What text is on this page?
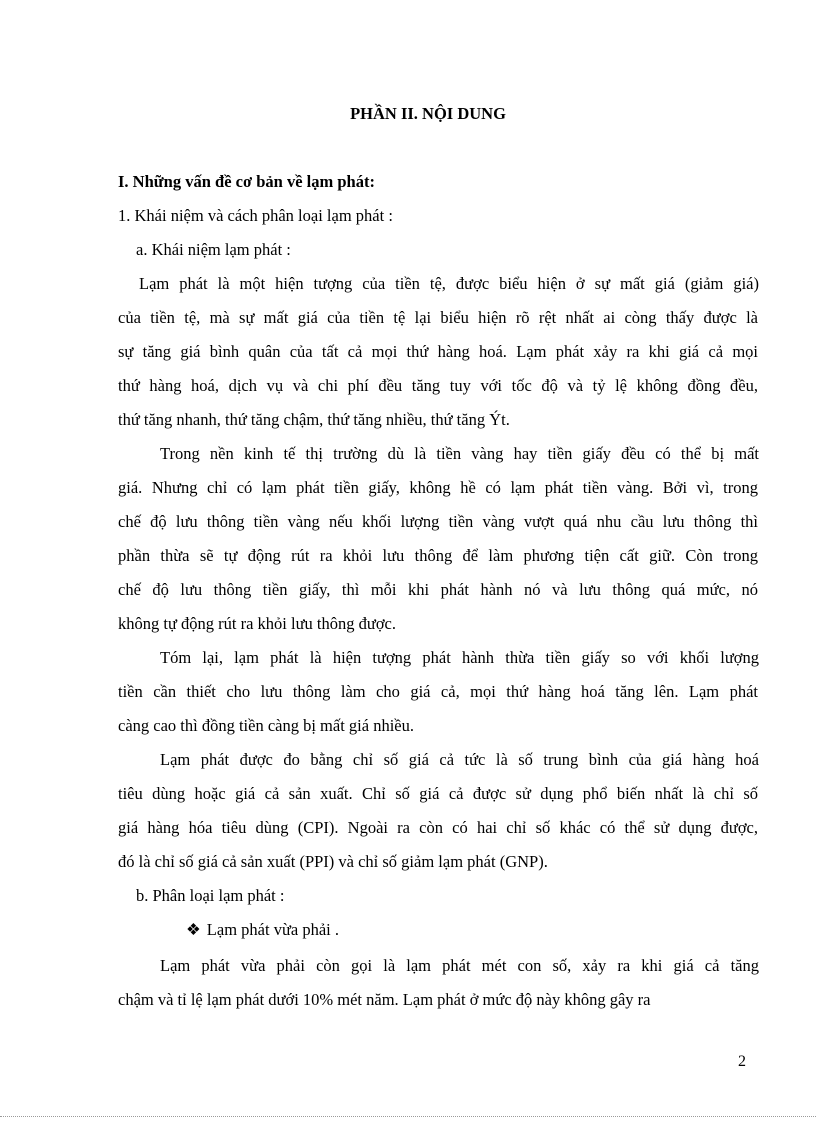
PHẦN II. NỘI DUNG
I. Những vấn đề cơ bản về lạm phát:
1. Khái niệm và cách phân loại lạm phát :
a. Khái niệm lạm phát :
Lạm phát là một hiện tượng của tiền tệ, được biểu hiện ở sự mất giá (giảm giá)
của tiền tệ, mà sự mất giá của tiền tệ lại biểu hiện rõ rệt nhất ai còng thấy được là
sự tăng giá bình quân của tất cả mọi thứ hàng hoá. Lạm phát xảy ra khi giá cả mọi
thứ hàng hoá, dịch vụ và chi phí đều tăng tuy với tốc độ và tỷ lệ không đồng đều,
thứ tăng nhanh, thứ tăng chậm, thứ tăng nhiều, thứ tăng Ýt.
Trong nền kinh tế thị trường dù là tiền vàng hay tiền giấy đều có thể bị mất
giá. Nhưng chỉ có lạm phát tiền giấy, không hề có lạm phát tiền vàng. Bởi vì, trong
chế độ lưu thông tiền vàng nếu khối lượng tiền vàng vượt quá nhu cầu lưu thông thì
phần thừa sẽ tự động rút ra khỏi lưu thông để làm phương tiện cất giữ. Còn trong
chế độ lưu thông tiền giấy, thì mỗi khi phát hành nó và lưu thông quá mức, nó
không tự động rút ra khỏi lưu thông được.
Tóm lại, lạm phát là hiện tượng phát hành thừa tiền giấy so với khối lượng
tiền cần thiết cho lưu thông làm cho giá cả, mọi thứ hàng hoá tăng lên. Lạm phát
càng cao thì đồng tiền càng bị mất giá nhiều.
Lạm phát được đo bằng chỉ số giá cả tức là số trung bình của giá hàng hoá
tiêu dùng hoặc giá cả sản xuất. Chỉ số giá cả được sử dụng phổ biến nhất là chỉ số
giá hàng hóa tiêu dùng (CPI). Ngoài ra còn có hai chỉ số khác có thể sử dụng được,
đó là chỉ số giá cả sản xuất (PPI) và chỉ số giảm lạm phát (GNP).
b. Phân loại lạm phát :
❖ Lạm phát vừa phải .
Lạm phát vừa phải còn gọi là lạm phát mét con số, xảy ra khi giá cả tăng
chậm và tỉ lệ lạm phát dưới 10% mét năm. Lạm phát ở mức độ này không gây ra
2
